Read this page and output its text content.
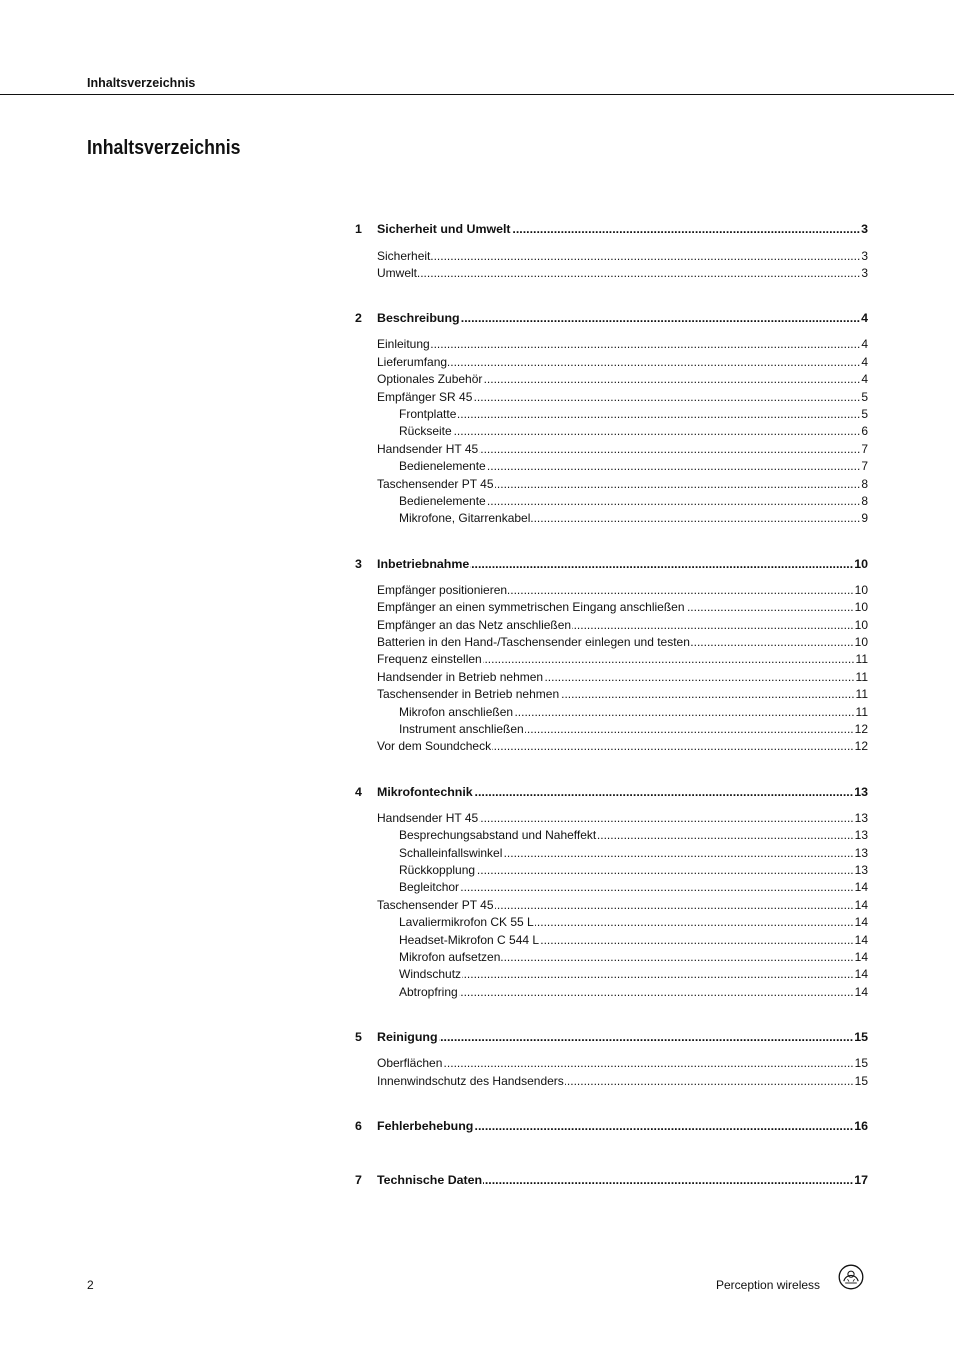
Inhaltsverzeichnis
Inhaltsverzeichnis
1	Sicherheit und Umwelt .....	3
Sicherheit .....	3
Umwelt .....	3
2	Beschreibung .....	4
Einleitung .....	4
Lieferumfang .....	4
Optionales Zubehör .....	4
Empfänger SR 45 .....	5
Frontplatte .....	5
Rückseite .....	6
Handsender HT 45 .....	7
Bedienelemente .....	7
Taschensender PT 45 .....	8
Bedienelemente .....	8
Mikrofone, Gitarrenkabel .....	9
3	Inbetriebnahme .....	10
Empfänger positionieren .....	10
Empfänger an einen symmetrischen Eingang anschließen .....	10
Empfänger an das Netz anschließen .....	10
Batterien in den Hand-/Taschensender einlegen und testen .....	10
Frequenz einstellen .....	11
Handsender in Betrieb nehmen .....	11
Taschensender in Betrieb nehmen .....	11
Mikrofon anschließen .....	11
Instrument anschließen .....	12
Vor dem Soundcheck .....	12
4	Mikrofontechnik .....	13
Handsender HT 45 .....	13
Besprechungsabstand und Naheffekt .....	13
Schalleinfallswinkel .....	13
Rückkopplung .....	13
Begleitchor .....	14
Taschensender PT 45 .....	14
Lavaliermikrofon CK 55 L .....	14
Headset-Mikrofon C 544 L .....	14
Mikrofon aufsetzen .....	14
Windschutz .....	14
Abtropfring .....	14
5	Reinigung .....	15
Oberflächen .....	15
Innenwindschutz des Handsenders .....	15
6	Fehlerbehebung .....	16
7	Technische Daten .....	17
2	Perception wireless
